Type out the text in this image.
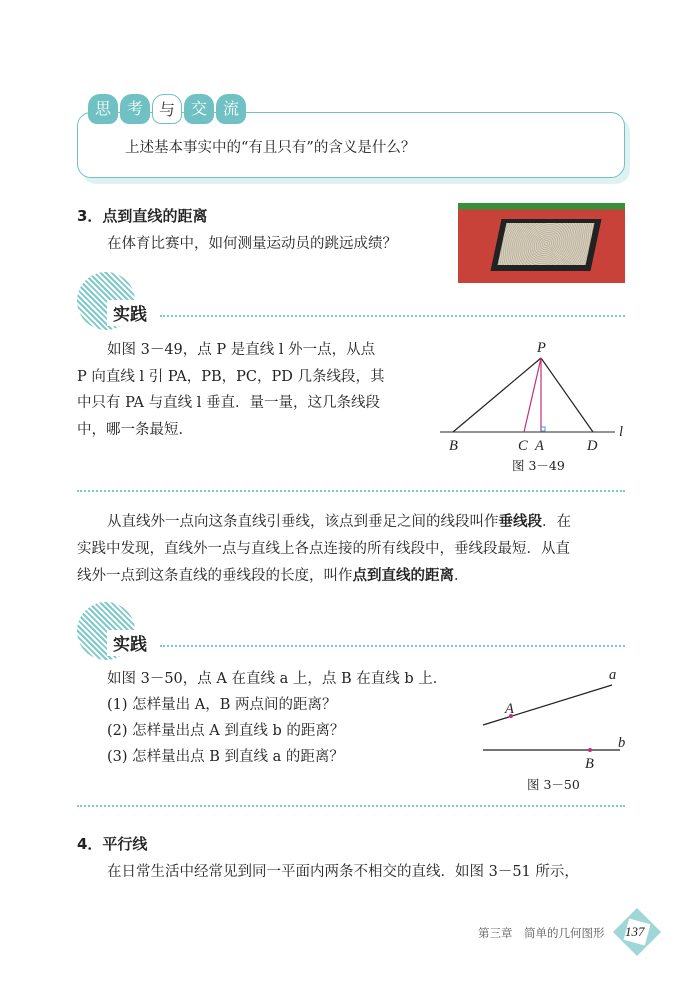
思 考 与 交 流
上述基本事实中的“有且只有”的含义是什么？
3．点到直线的距离
在体育比赛中，如何测量运动员的跳远成绩？
实践
如图 3－49，点 P 是直线 l 外一点，从点
P 向直线 l 引 PA，PB，PC，PD 几条线段，其
中只有 PA 与直线 l 垂直．量一量，这几条线段
中，哪一条最短．
P
B	C A	D
l
图 3－49
从直线外一点向这条直线引垂线，该点到垂足之间的线段叫作垂线段．在
实践中发现，直线外一点与直线上各点连接的所有线段中，垂线段最短．从直
线外一点到这条直线的垂线段的长度，叫作点到直线的距离．
实践
如图 3－50，点 A 在直线 a 上，点 B 在直线 b 上．
(1) 怎样量出 A，B 两点间的距离？
(2) 怎样量出点 A 到直线 b 的距离？
(3) 怎样量出点 B 到直线 a 的距离？
a
A
b
B
图 3－50
4．平行线
在日常生活中经常见到同一平面内两条不相交的直线．如图 3－51 所示，
第三章　简单的几何图形 137
